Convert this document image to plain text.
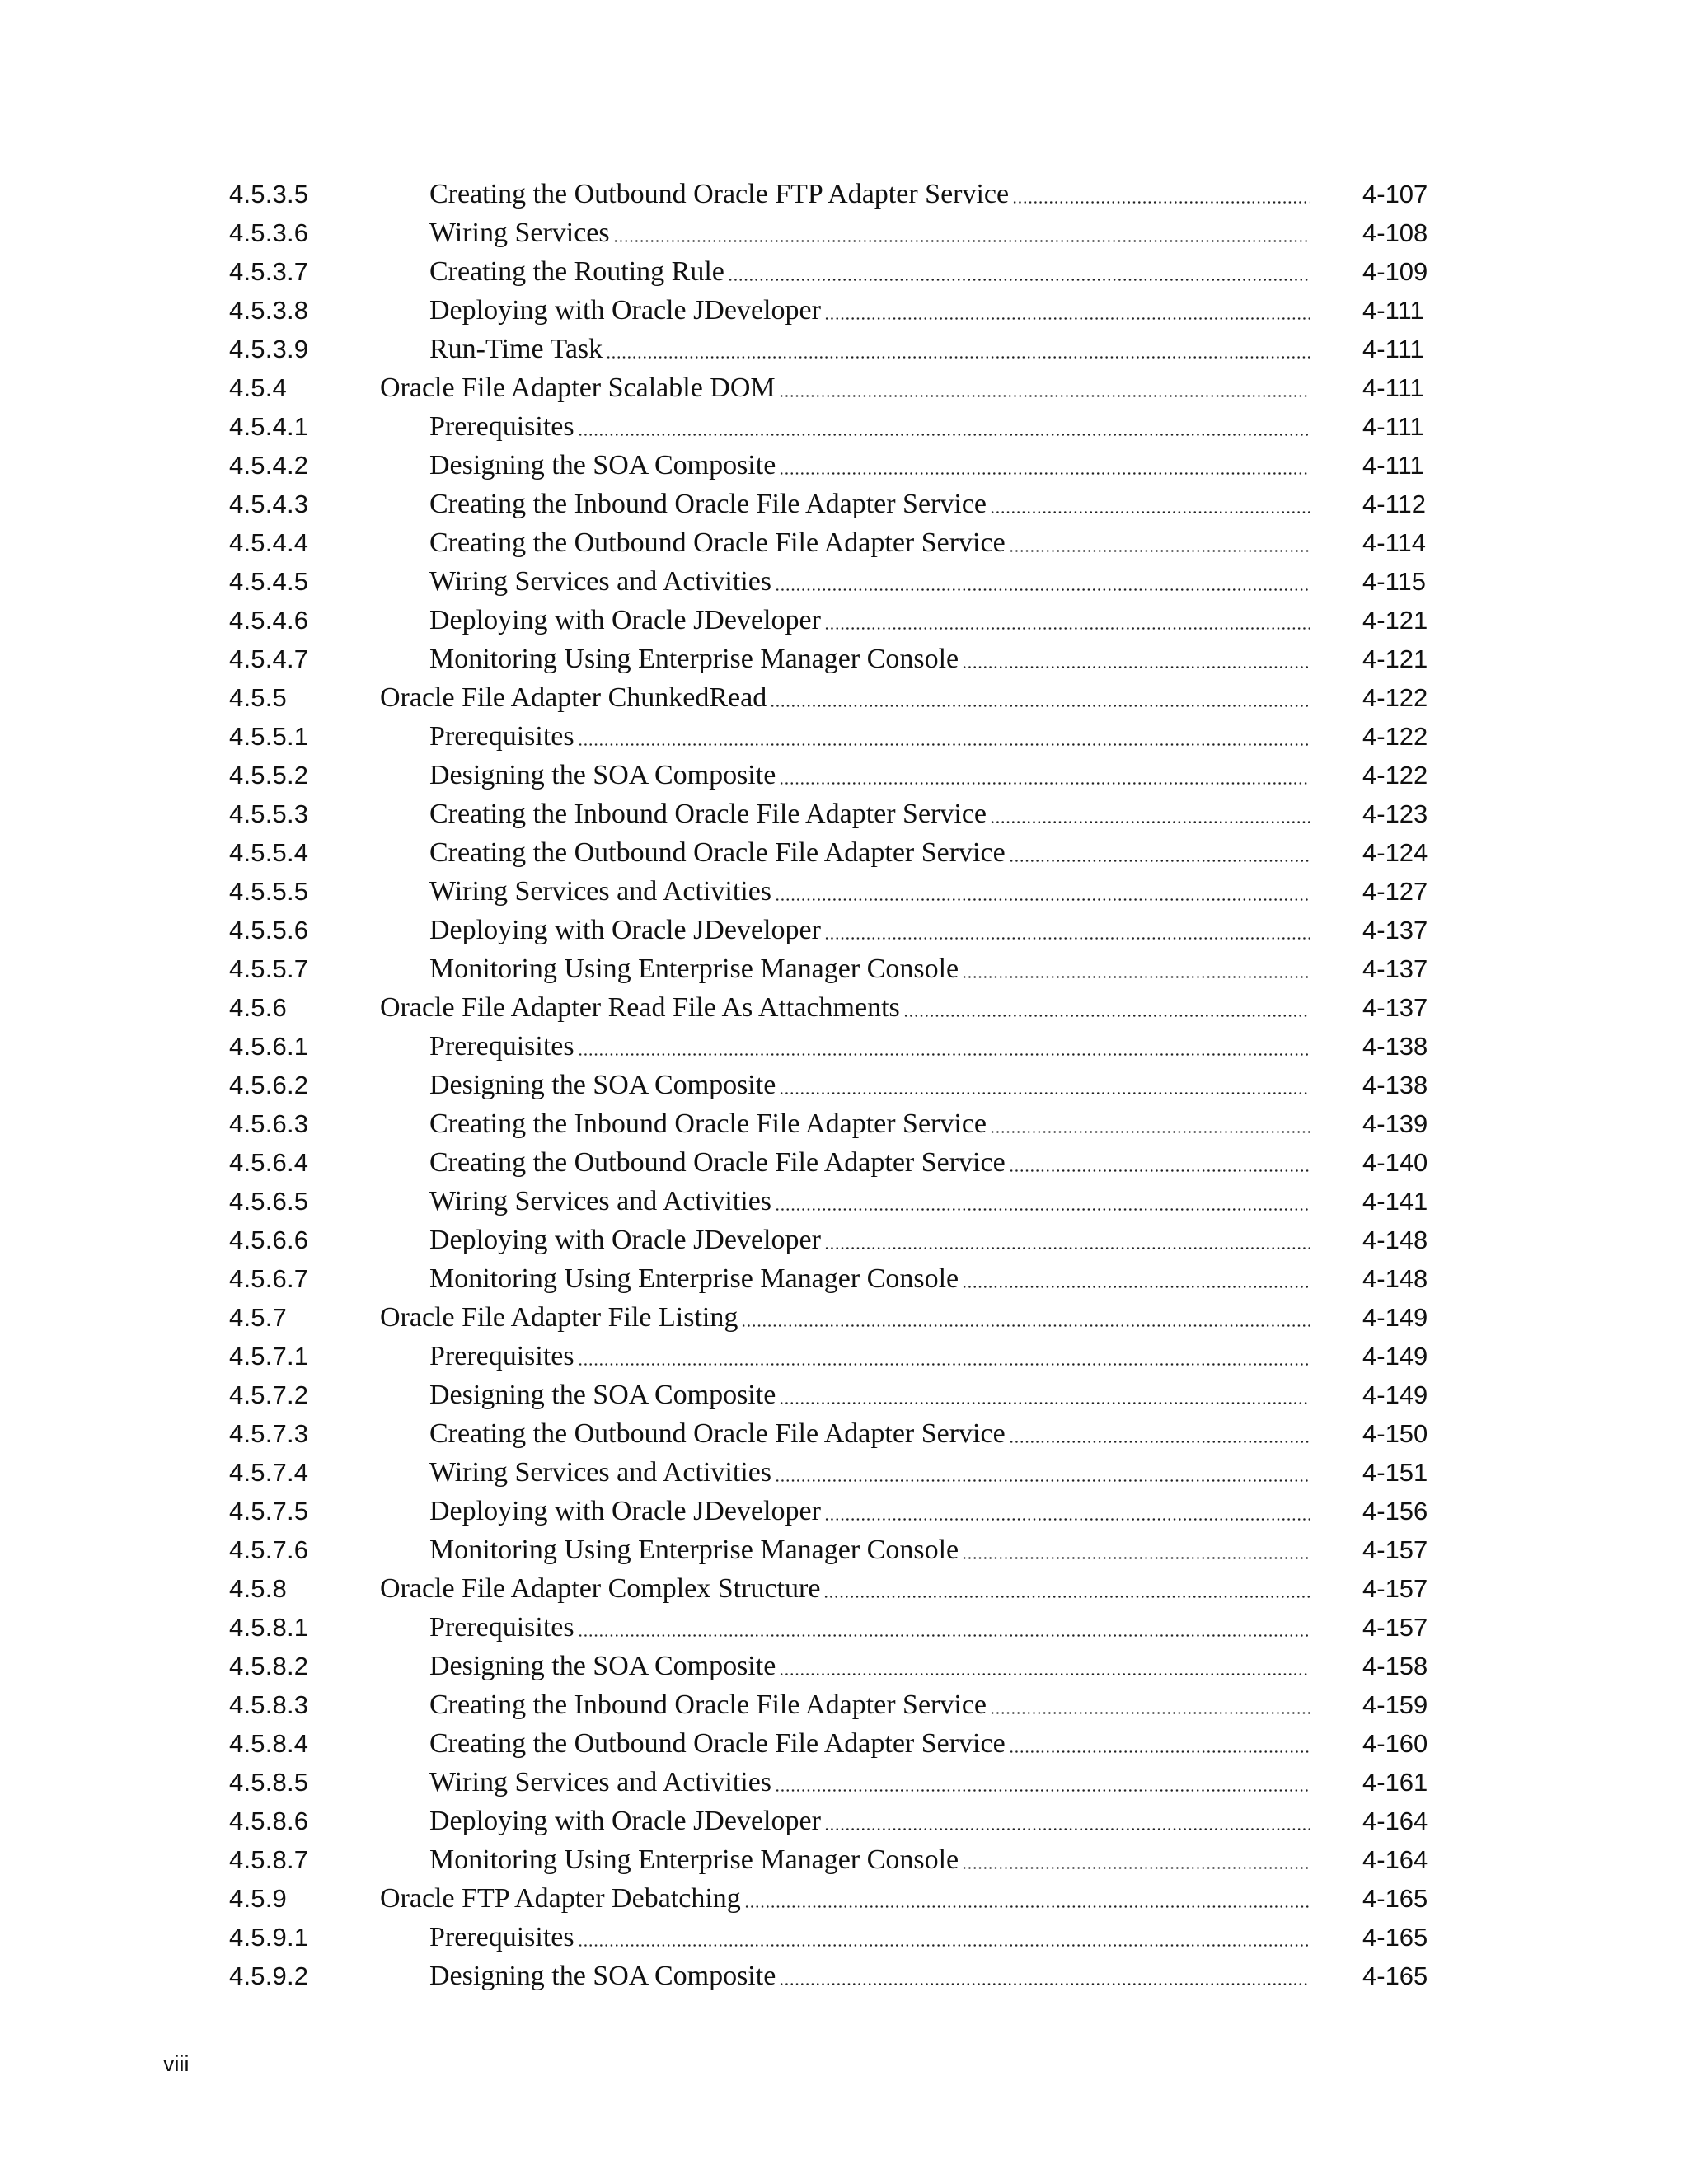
4.5.3.5	Creating the Outbound Oracle FTP Adapter Service	4-107
4.5.3.6	Wiring Services	4-108
4.5.3.7	Creating the Routing Rule	4-109
4.5.3.8	Deploying with Oracle JDeveloper	4-111
4.5.3.9	Run-Time Task	4-111
4.5.4	Oracle File Adapter Scalable DOM	4-111
4.5.4.1	Prerequisites	4-111
4.5.4.2	Designing the SOA Composite	4-111
4.5.4.3	Creating the Inbound Oracle File Adapter Service	4-112
4.5.4.4	Creating the Outbound Oracle File Adapter Service	4-114
4.5.4.5	Wiring Services and Activities	4-115
4.5.4.6	Deploying with Oracle JDeveloper	4-121
4.5.4.7	Monitoring Using Enterprise Manager Console	4-121
4.5.5	Oracle File Adapter ChunkedRead	4-122
4.5.5.1	Prerequisites	4-122
4.5.5.2	Designing the SOA Composite	4-122
4.5.5.3	Creating the Inbound Oracle File Adapter Service	4-123
4.5.5.4	Creating the Outbound Oracle File Adapter Service	4-124
4.5.5.5	Wiring Services and Activities	4-127
4.5.5.6	Deploying with Oracle JDeveloper	4-137
4.5.5.7	Monitoring Using Enterprise Manager Console	4-137
4.5.6	Oracle File Adapter Read File As Attachments	4-137
4.5.6.1	Prerequisites	4-138
4.5.6.2	Designing the SOA Composite	4-138
4.5.6.3	Creating the Inbound Oracle File Adapter Service	4-139
4.5.6.4	Creating the Outbound Oracle File Adapter Service	4-140
4.5.6.5	Wiring Services and Activities	4-141
4.5.6.6	Deploying with Oracle JDeveloper	4-148
4.5.6.7	Monitoring Using Enterprise Manager Console	4-148
4.5.7	Oracle File Adapter File Listing	4-149
4.5.7.1	Prerequisites	4-149
4.5.7.2	Designing the SOA Composite	4-149
4.5.7.3	Creating the Outbound Oracle File Adapter Service	4-150
4.5.7.4	Wiring Services and Activities	4-151
4.5.7.5	Deploying with Oracle JDeveloper	4-156
4.5.7.6	Monitoring Using Enterprise Manager Console	4-157
4.5.8	Oracle File Adapter Complex Structure	4-157
4.5.8.1	Prerequisites	4-157
4.5.8.2	Designing the SOA Composite	4-158
4.5.8.3	Creating the Inbound Oracle File Adapter Service	4-159
4.5.8.4	Creating the Outbound Oracle File Adapter Service	4-160
4.5.8.5	Wiring Services and Activities	4-161
4.5.8.6	Deploying with Oracle JDeveloper	4-164
4.5.8.7	Monitoring Using Enterprise Manager Console	4-164
4.5.9	Oracle FTP Adapter Debatching	4-165
4.5.9.1	Prerequisites	4-165
4.5.9.2	Designing the SOA Composite	4-165
viii
